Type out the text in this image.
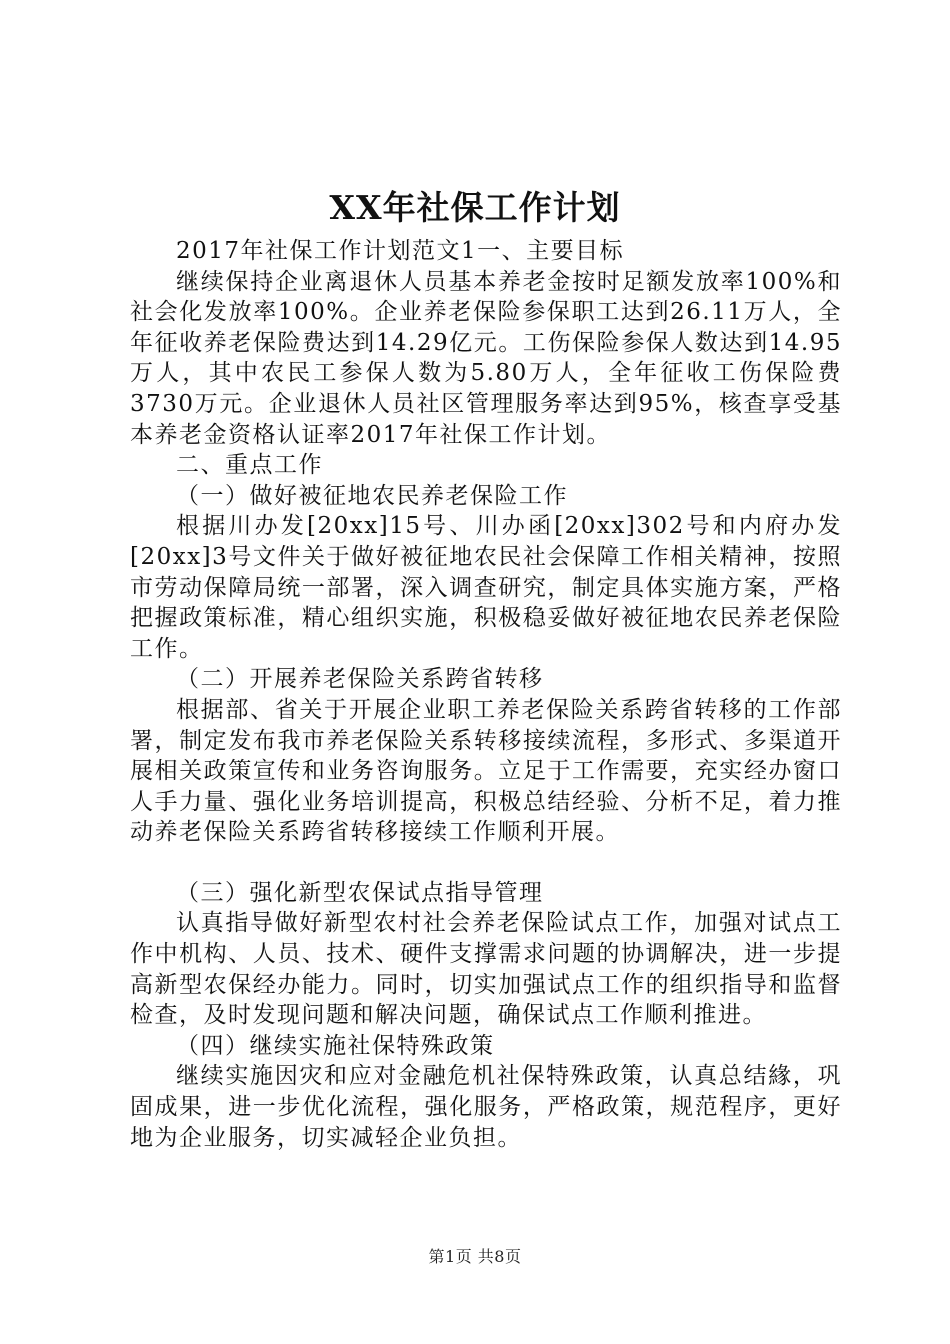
XX年社保工作计划

2017年社保工作计划范文1一、主要目标

继续保持企业离退休人员基本养老金按时足额发放率100%和社会化发放率100%。企业养老保险参保职工达到26.11万人，全年征收养老保险费达到14.29亿元。工伤保险参保人数达到14.95万人，其中农民工参保人数为5.80万人，全年征收工伤保险费3730万元。企业退休人员社区管理服务率达到95%，核查享受基本养老金资格认证率2017年社保工作计划。

二、重点工作

（一）做好被征地农民养老保险工作

根据川办发[20xx]15号、川办函[20xx]302号和内府办发[20xx]3号文件关于做好被征地农民社会保障工作相关精神，按照市劳动保障局统一部署，深入调查研究，制定具体实施方案，严格把握政策标准，精心组织实施，积极稳妥做好被征地农民养老保险工作。

（二）开展养老保险关系跨省转移

根据部、省关于开展企业职工养老保险关系跨省转移的工作部署，制定发布我市养老保险关系转移接续流程，多形式、多渠道开展相关政策宣传和业务咨询服务。立足于工作需要，充实经办窗口人手力量、强化业务培训提高，积极总结经验、分析不足，着力推动养老保险关系跨省转移接续工作顺利开展。

（三）强化新型农保试点指导管理

认真指导做好新型农村社会养老保险试点工作，加强对试点工作中机构、人员、技术、硬件支撑需求问题的协调解决，进一步提高新型农保经办能力。同时，切实加强试点工作的组织指导和监督检查，及时发现问题和解决问题，确保试点工作顺利推进。

（四）继续实施社保特殊政策

继续实施因灾和应对金融危机社保特殊政策，认真总结緣，巩固成果，进一步优化流程，强化服务，严格政策，规范程序，更好地为企业服务，切实减轻企业负担。

第1页 共8页
